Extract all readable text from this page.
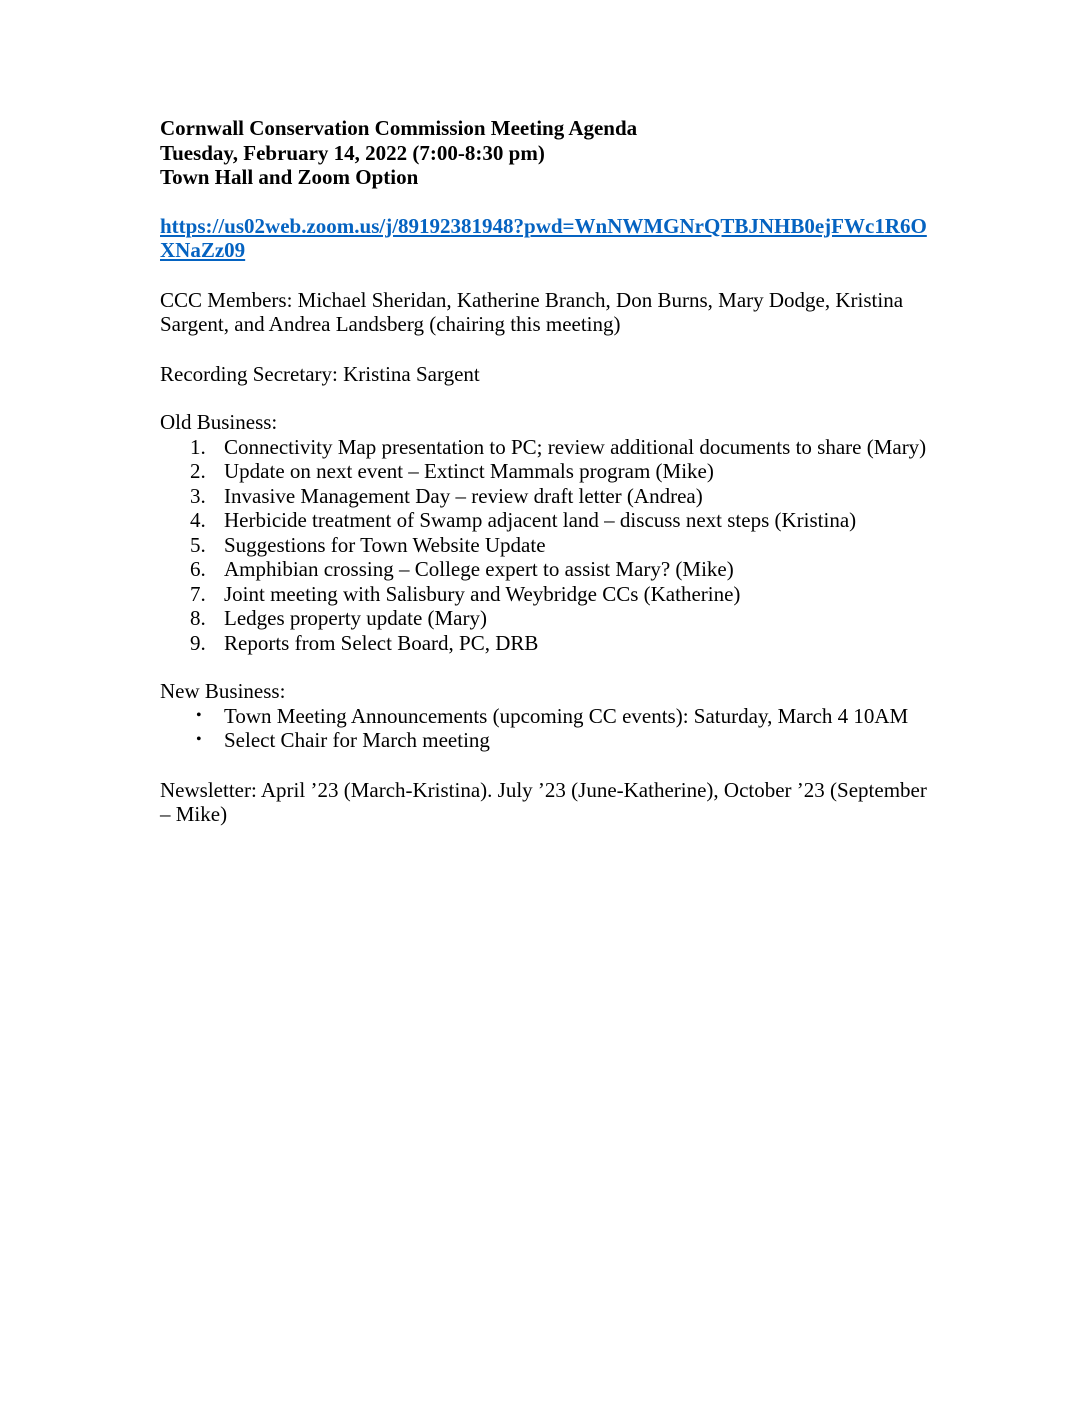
Cornwall Conservation Commission Meeting Agenda

Tuesday, February 14, 2022 (7:00-8:30 pm)

Town Hall and Zoom Option

https://us02web.zoom.us/j/89192381948?pwd=WnNWMGNrQTBJNHB0ejFWc1R6OXNaZz09

CCC Members: Michael Sheridan, Katherine Branch, Don Burns, Mary Dodge, Kristina Sargent, and Andrea Landsberg (chairing this meeting)

Recording Secretary: Kristina Sargent

Old Business:

1. Connectivity Map presentation to PC; review additional documents to share (Mary)
2. Update on next event – Extinct Mammals program (Mike)
3. Invasive Management Day – review draft letter (Andrea)
4. Herbicide treatment of Swamp adjacent land – discuss next steps (Kristina)
5. Suggestions for Town Website Update
6. Amphibian crossing – College expert to assist Mary? (Mike)
7. Joint meeting with Salisbury and Weybridge CCs (Katherine)
8. Ledges property update (Mary)
9. Reports from Select Board, PC, DRB

New Business:

• Town Meeting Announcements (upcoming CC events): Saturday, March 4 10AM
• Select Chair for March meeting

Newsletter: April ’23 (March-Kristina). July ’23 (June-Katherine), October ’23 (September – Mike)
